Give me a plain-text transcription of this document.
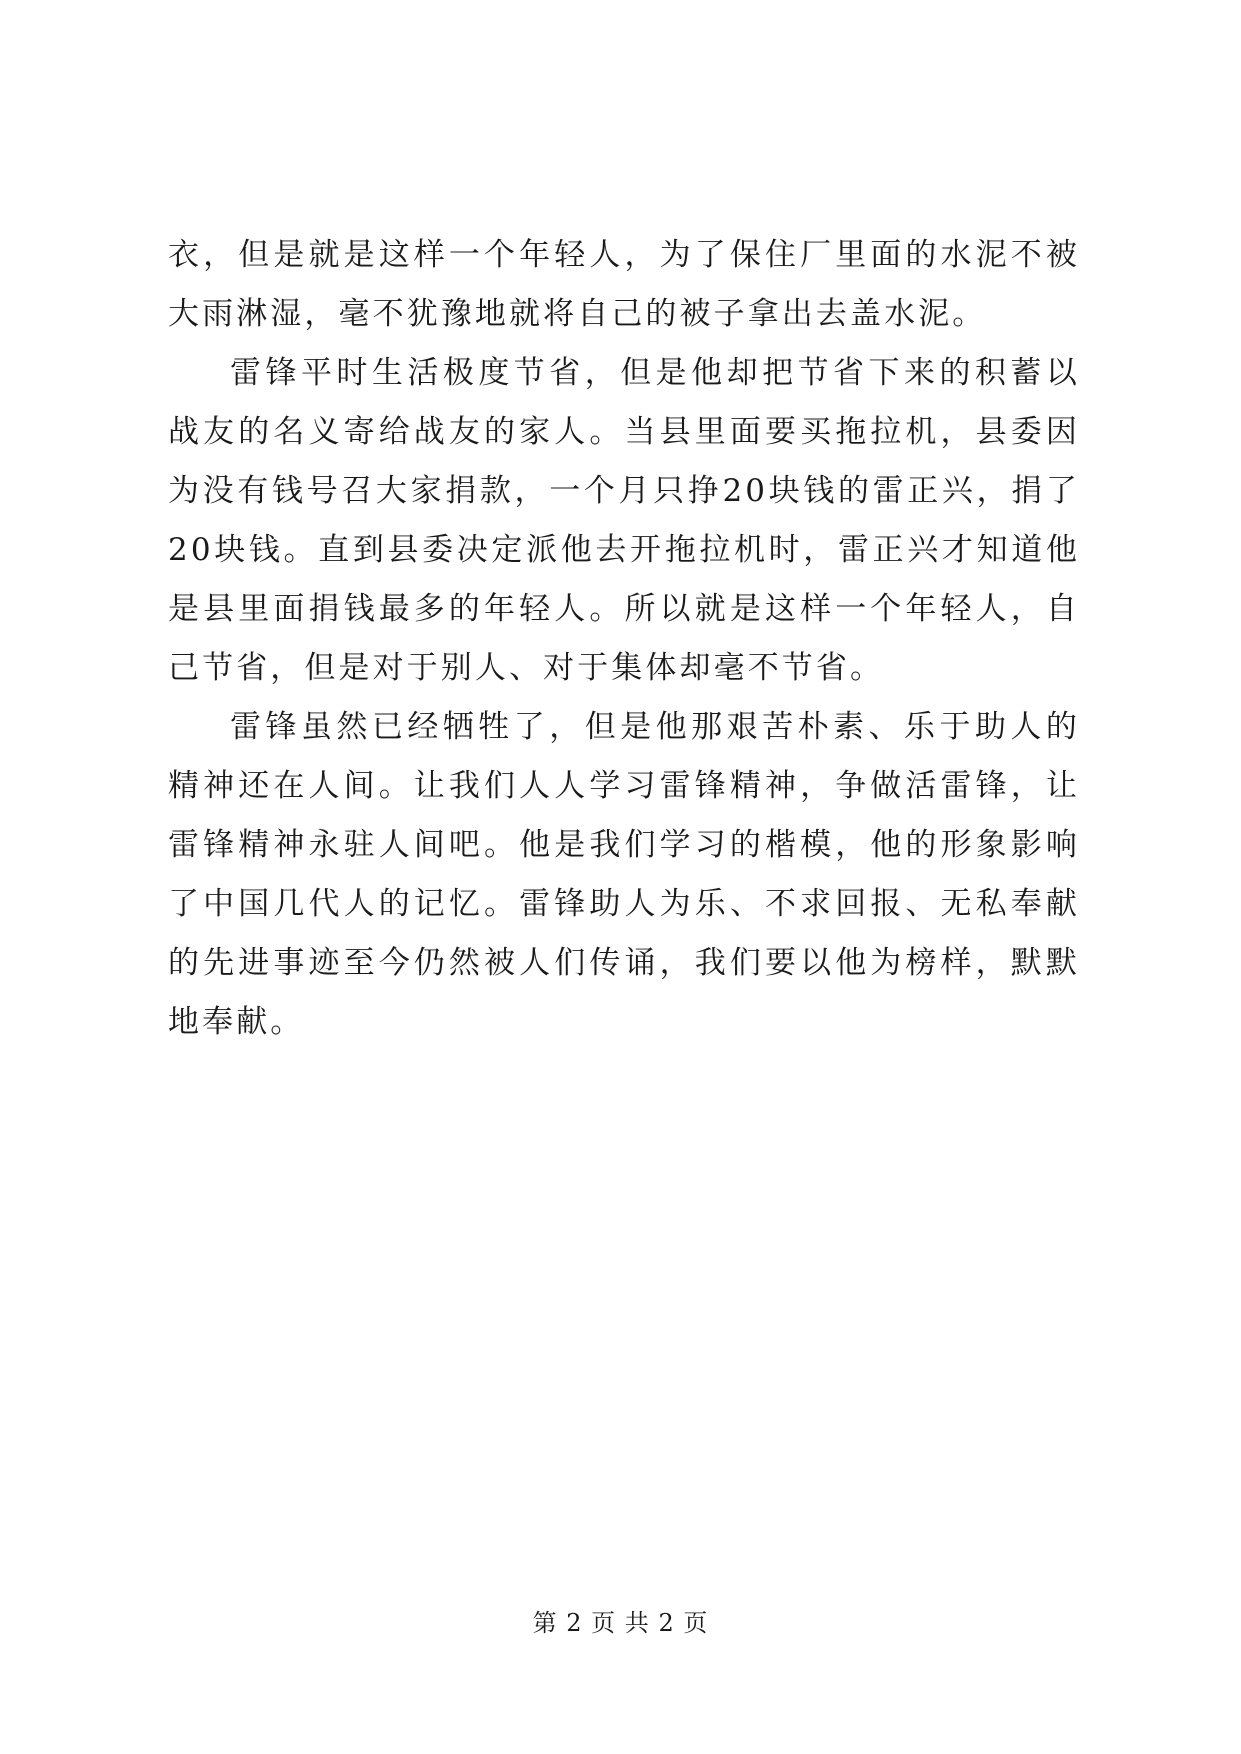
衣，但是就是这样一个年轻人，为了保住厂里面的水泥不被大雨淋湿，毫不犹豫地就将自己的被子拿出去盖水泥。

雷锋平时生活极度节省，但是他却把节省下来的积蓄以战友的名义寄给战友的家人。当县里面要买拖拉机，县委因为没有钱号召大家捐款，一个月只挣20块钱的雷正兴，捐了20块钱。直到县委决定派他去开拖拉机时，雷正兴才知道他是县里面捐钱最多的年轻人。所以就是这样一个年轻人，自己节省，但是对于别人、对于集体却毫不节省。

雷锋虽然已经牺牲了，但是他那艰苦朴素、乐于助人的精神还在人间。让我们人人学习雷锋精神，争做活雷锋，让雷锋精神永驻人间吧。他是我们学习的楷模，他的形象影响了中国几代人的记忆。雷锋助人为乐、不求回报、无私奉献的先进事迹至今仍然被人们传诵，我们要以他为榜样，默默地奉献。

第 2 页 共 2 页
